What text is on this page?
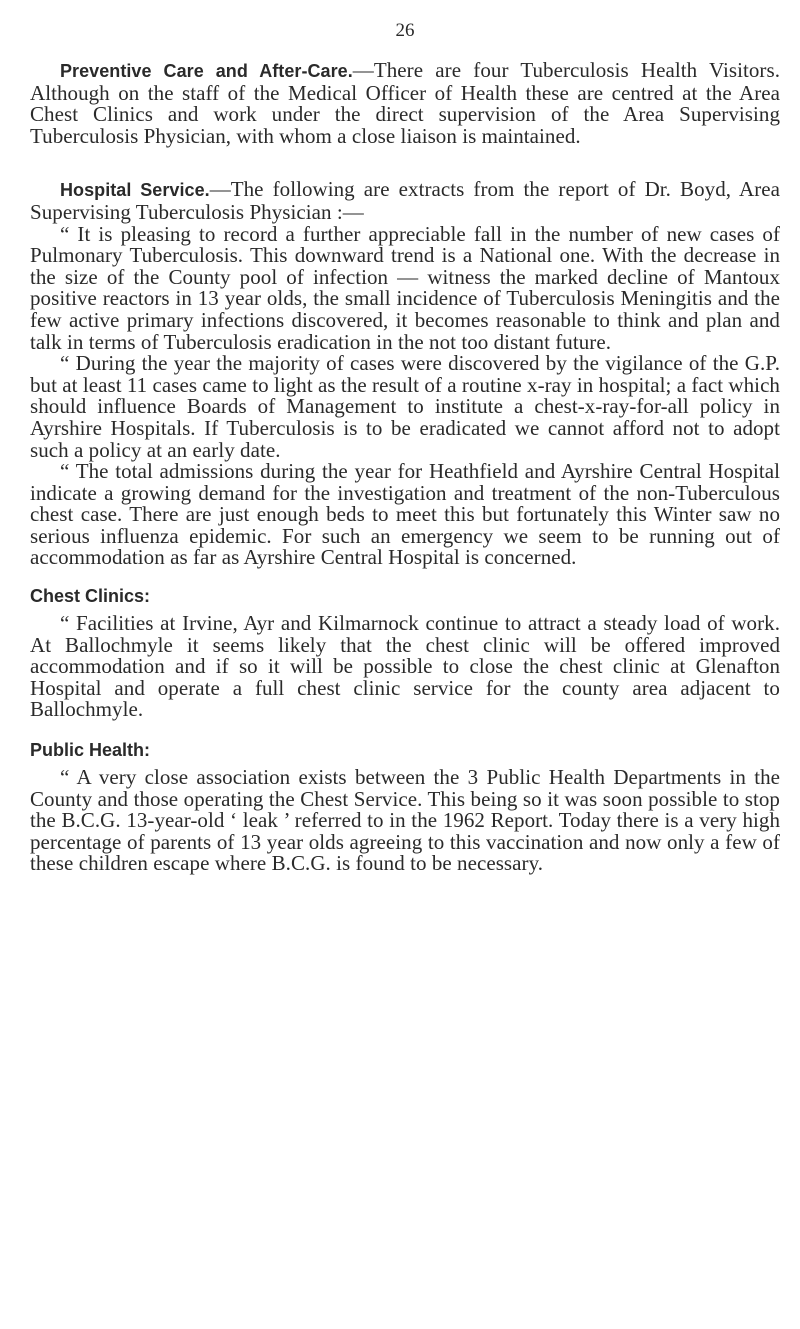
26

Preventive Care and After-Care.—There are four Tuberculosis Health Visitors. Although on the staff of the Medical Officer of Health these are centred at the Area Chest Clinics and work under the direct supervision of the Area Supervising Tuberculosis Physician, with whom a close liaison is maintained.

Hospital Service.—The following are extracts from the report of Dr. Boyd, Area Supervising Tuberculosis Physician :—

“ It is pleasing to record a further appreciable fall in the number of new cases of Pulmonary Tuberculosis. This downward trend is a National one. With the decrease in the size of the County pool of infection — witness the marked decline of Mantoux positive reactors in 13 year olds, the small incidence of Tuberculosis Meningitis and the few active primary infections discovered, it becomes reasonable to think and plan and talk in terms of Tuberculosis eradication in the not too distant future.

“ During the year the majority of cases were discovered by the vigilance of the G.P. but at least 11 cases came to light as the result of a routine x-ray in hospital; a fact which should influence Boards of Management to institute a chest-x-ray-for-all policy in Ayrshire Hospitals. If Tuberculosis is to be eradicated we cannot afford not to adopt such a policy at an early date.

“ The total admissions during the year for Heathfield and Ayrshire Central Hospital indicate a growing demand for the investigation and treatment of the non-Tuberculous chest case. There are just enough beds to meet this but fortunately this Winter saw no serious influenza epidemic. For such an emergency we seem to be running out of accommodation as far as Ayrshire Central Hospital is concerned.

Chest Clinics:

“ Facilities at Irvine, Ayr and Kilmarnock continue to attract a steady load of work. At Ballochmyle it seems likely that the chest clinic will be offered improved accommodation and if so it will be possible to close the chest clinic at Glenafton Hospital and operate a full chest clinic service for the county area adjacent to Ballochmyle.

Public Health:

“ A very close association exists between the 3 Public Health Departments in the County and those operating the Chest Service. This being so it was soon possible to stop the B.C.G. 13-year-old ‘ leak ’ referred to in the 1962 Report. Today there is a very high percentage of parents of 13 year olds agreeing to this vaccination and now only a few of these children escape where B.C.G. is found to be necessary.
